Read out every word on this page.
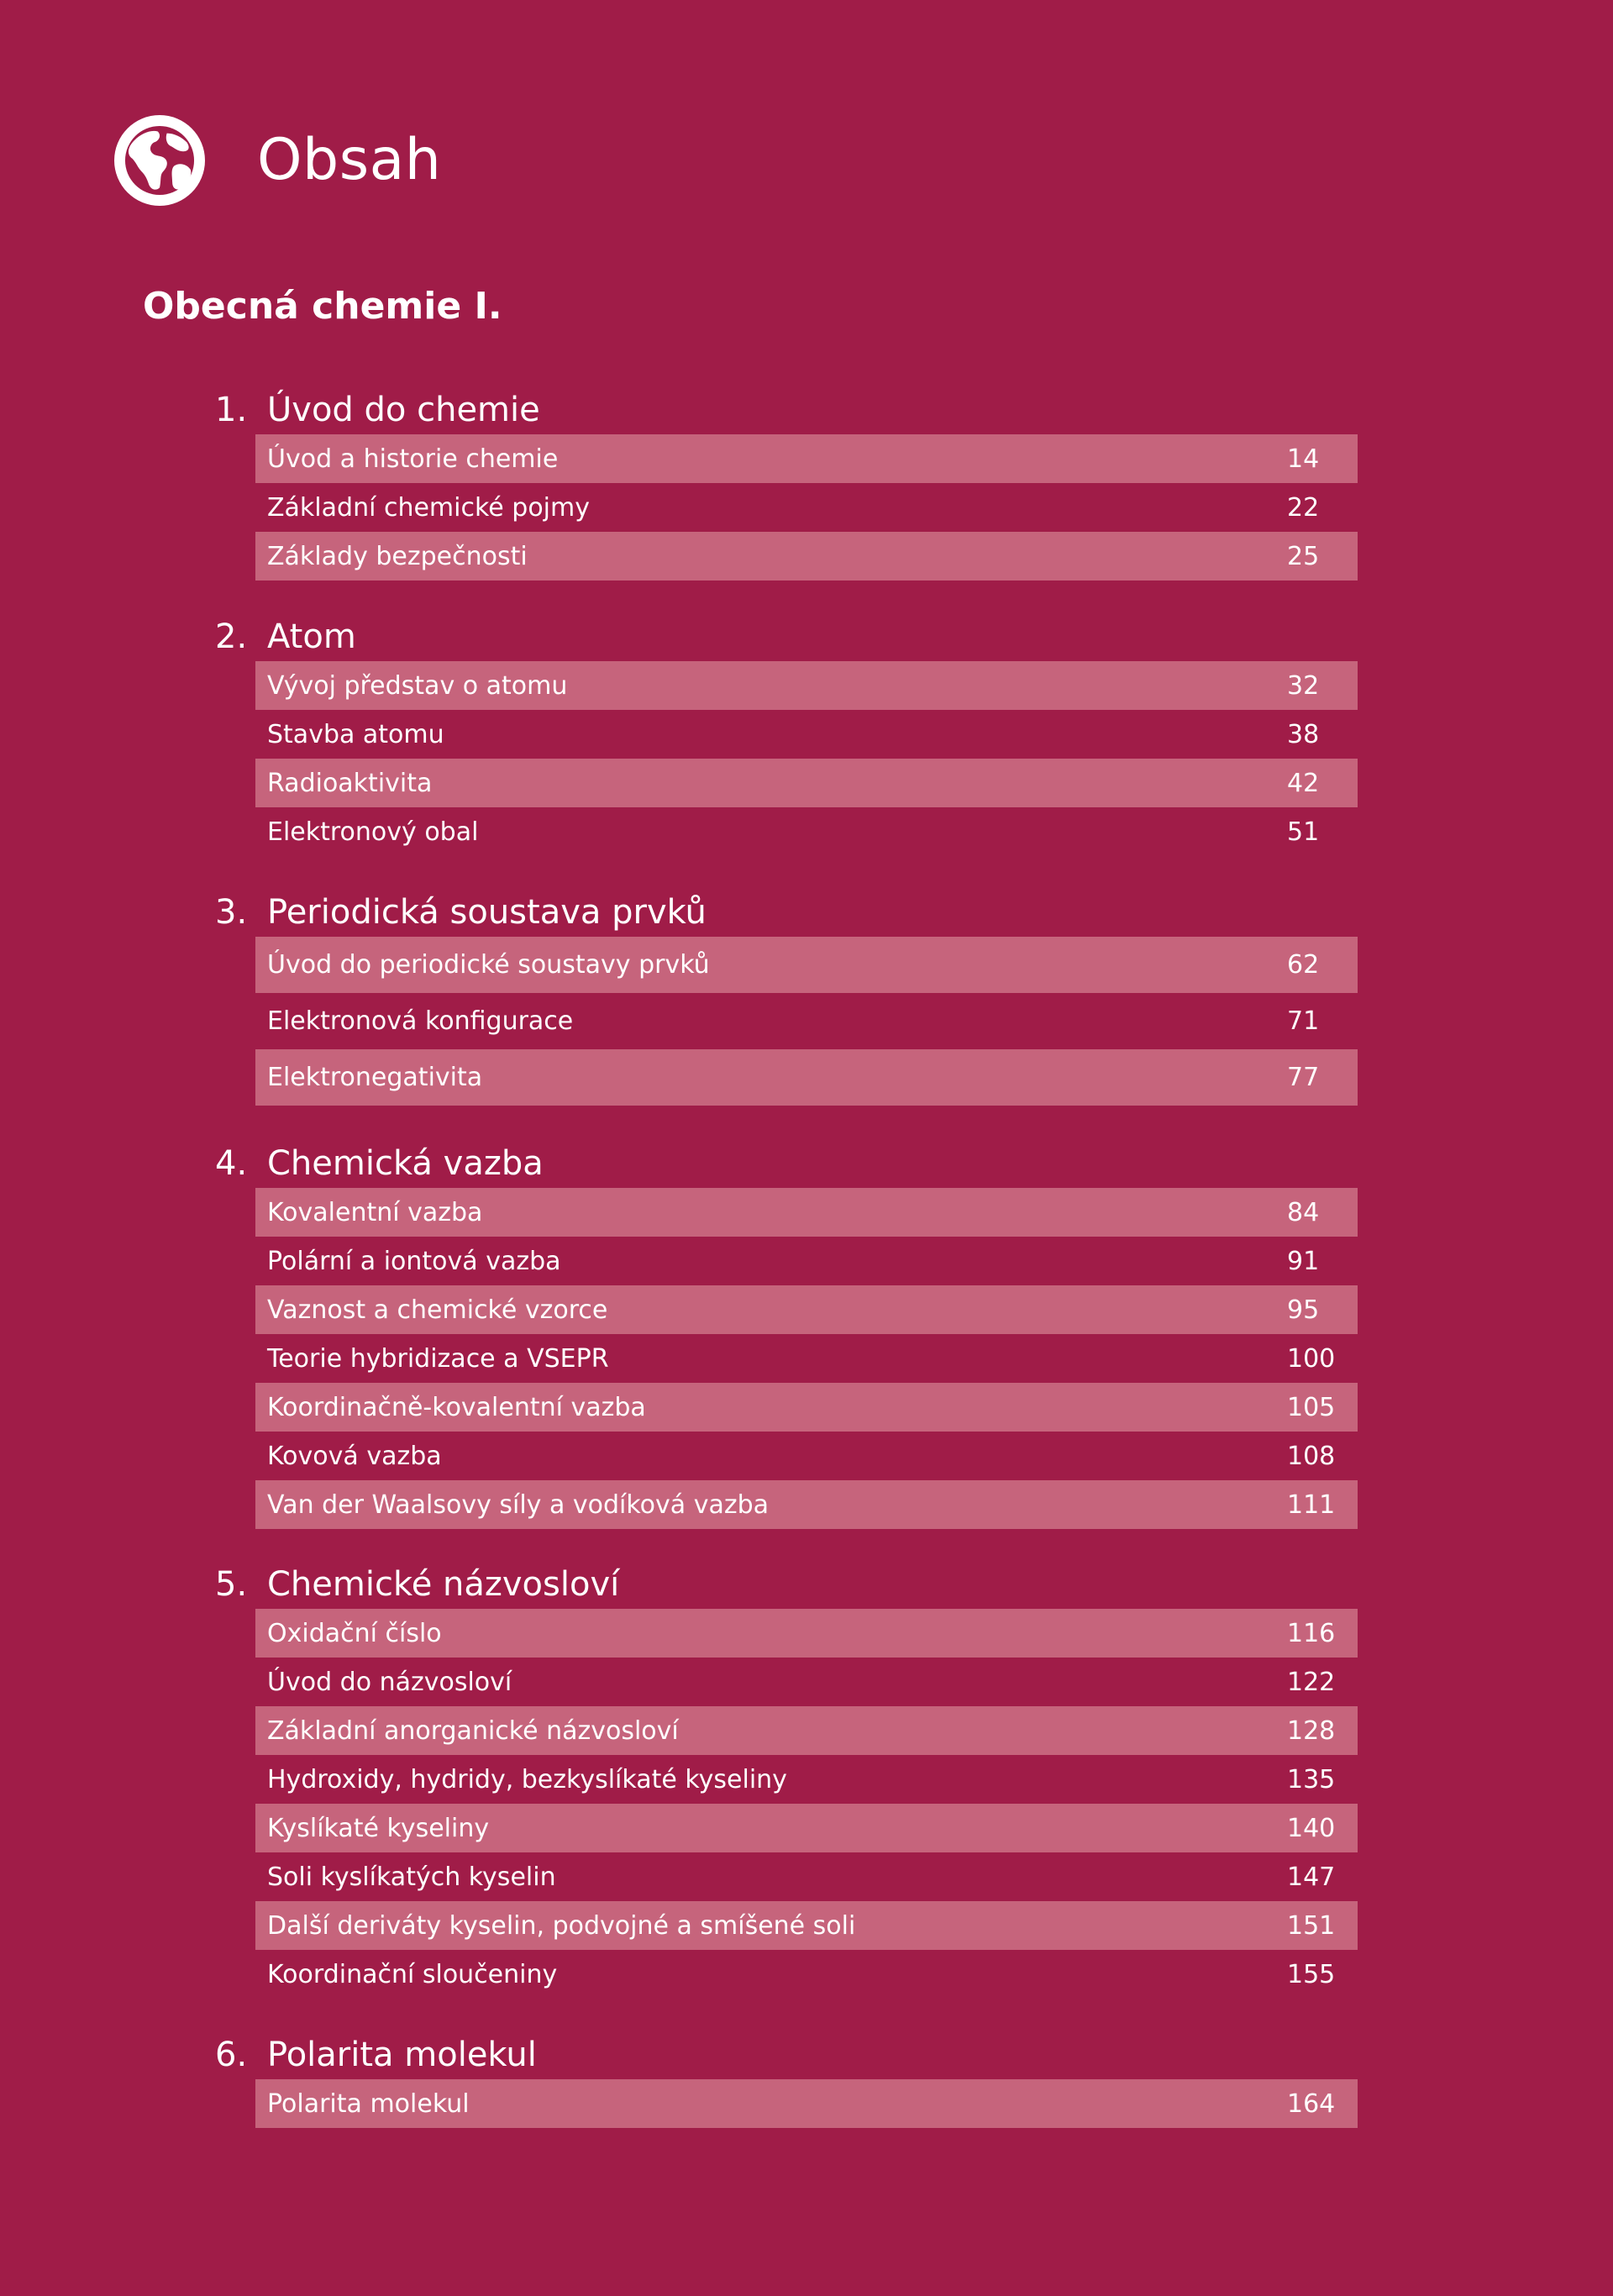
Obsah
Obecná chemie I.
1. Úvod do chemie
Úvod a historie chemie	14
Základní chemické pojmy	22
Základy bezpečnosti	25
2. Atom
Vývoj představ o atomu	32
Stavba atomu	38
Radioaktivita	42
Elektronový obal	51
3. Periodická soustava prvků
Úvod do periodické soustavy prvků	62
Elektronová konfigurace	71
Elektronegativita	77
4. Chemická vazba
Kovalentní vazba	84
Polární a iontová vazba	91
Vaznost a chemické vzorce	95
Teorie hybridizace a VSEPR	100
Koordinačně-kovalentní vazba	105
Kovová vazba	108
Van der Waalsovy síly a vodíková vazba	111
5. Chemické názvosloví
Oxidační číslo	116
Úvod do názvosloví	122
Základní anorganické názvosloví	128
Hydroxidy, hydridy, bezkyslíkaté kyseliny	135
Kyslíkaté kyseliny	140
Soli kyslíkatých kyselin	147
Další deriváty kyselin, podvojné a smíšené soli	151
Koordinační sloučeniny	155
6. Polarita molekul
Polarita molekul	164
